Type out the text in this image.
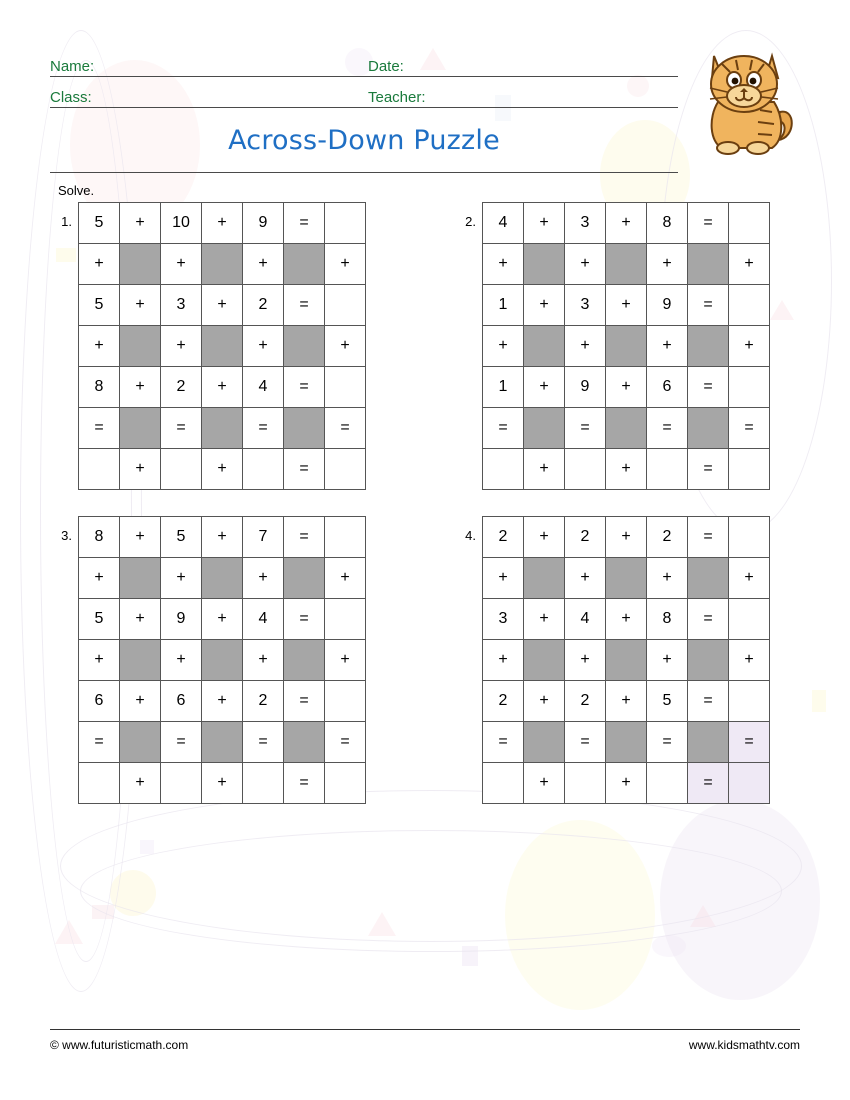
Name:	Date:
Class:	Teacher:
Across-Down Puzzle
Solve.
1.	5	+	10	+	9	=	
+		+		+		+
5	+	3	+	2	=	
+		+		+		+
8	+	2	+	4	=	
=		=		=		=
	+		+		=	
2.	4	+	3	+	8	=	
+		+		+		+
1	+	3	+	9	=	
+		+		+		+
1	+	9	+	6	=	
=		=		=		=
	+		+		=	
3.	8	+	5	+	7	=	
+		+		+		+
5	+	9	+	4	=	
+		+		+		+
6	+	6	+	2	=	
=		=		=		=
	+		+		=	
4.	2	+	2	+	2	=	
+		+		+		+
3	+	4	+	8	=	
+		+		+		+
2	+	2	+	5	=	
=		=		=		=
	+		+		=	
© www.futuristicmath.com	www.kidsmathtv.com
